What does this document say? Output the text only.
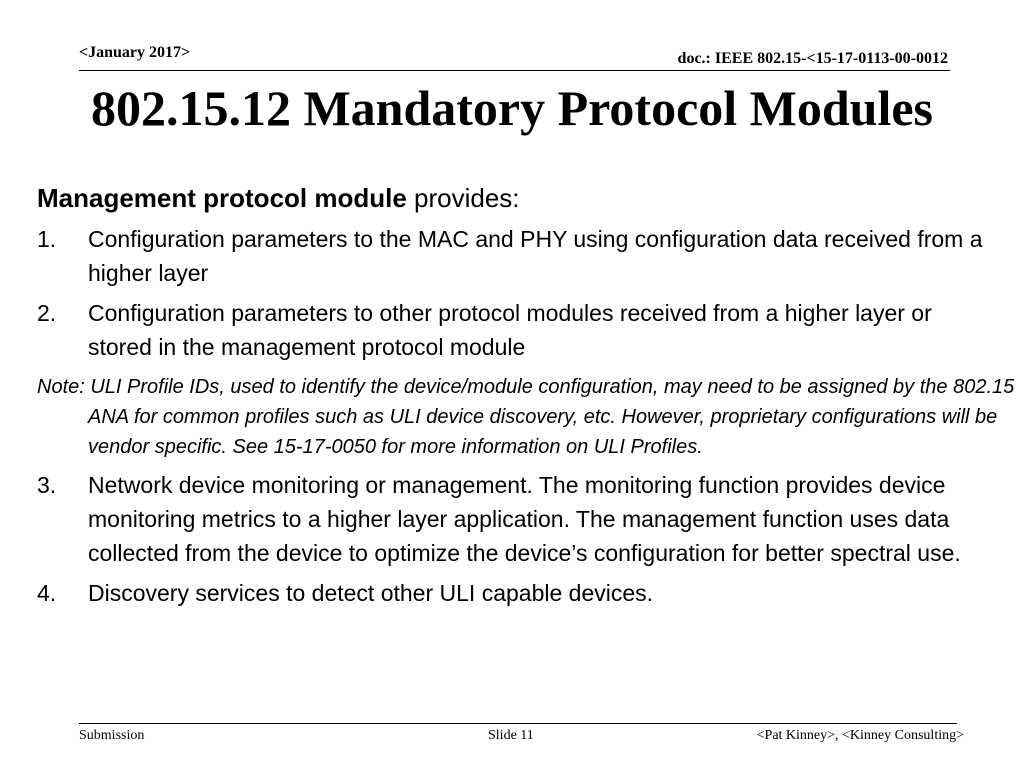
<January 2017>	doc.: IEEE 802.15-<15-17-0113-00-0012
802.15.12 Mandatory Protocol Modules

Management protocol module provides:

1. Configuration parameters to the MAC and PHY using configuration data received from a higher layer
2. Configuration parameters to other protocol modules received from a higher layer or stored in the management protocol module
Note: ULI Profile IDs, used to identify the device/module configuration, may need to be assigned by the 802.15 ANA for common profiles such as ULI device discovery, etc. However, proprietary configurations will be vendor specific. See 15-17-0050 for more information on ULI Profiles.
3. Network device monitoring or management. The monitoring function provides device monitoring metrics to a higher layer application. The management function uses data collected from the device to optimize the device’s configuration for better spectral use.
4. Discovery services to detect other ULI capable devices.
Submission	Slide 11	<Pat Kinney>, <Kinney Consulting>
